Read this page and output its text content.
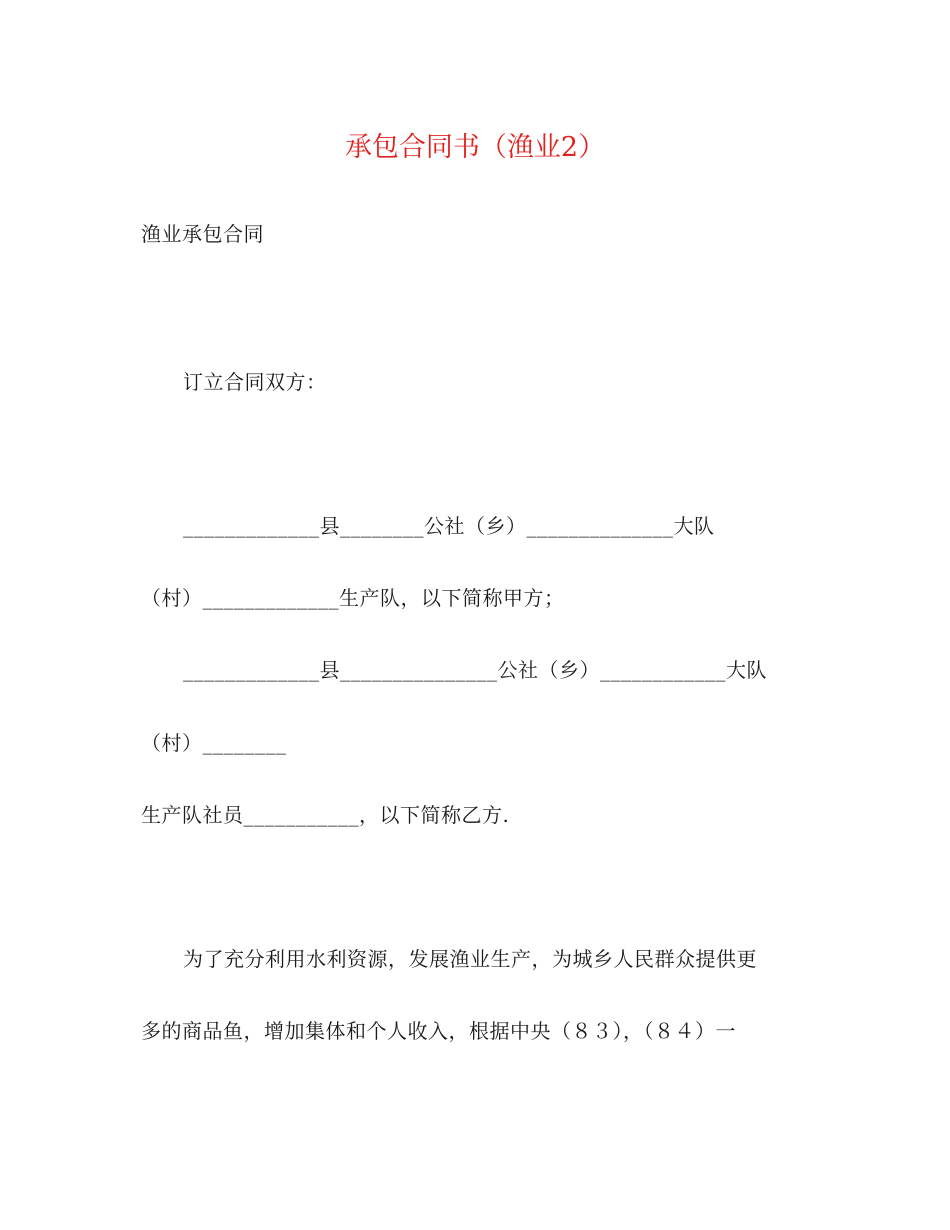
承包合同书（渔业2）
渔业承包合同
订立合同双方：
_____________县________公社（乡）______________大队
（村）_____________生产队，以下简称甲方；
_____________县_______________公社（乡）____________大队
（村）________
生产队社员___________，以下简称乙方.
为了充分利用水利资源，发展渔业生产，为城乡人民群众提供更
多的商品鱼，增加集体和个人收入，根据中央（８３），（８４）一
